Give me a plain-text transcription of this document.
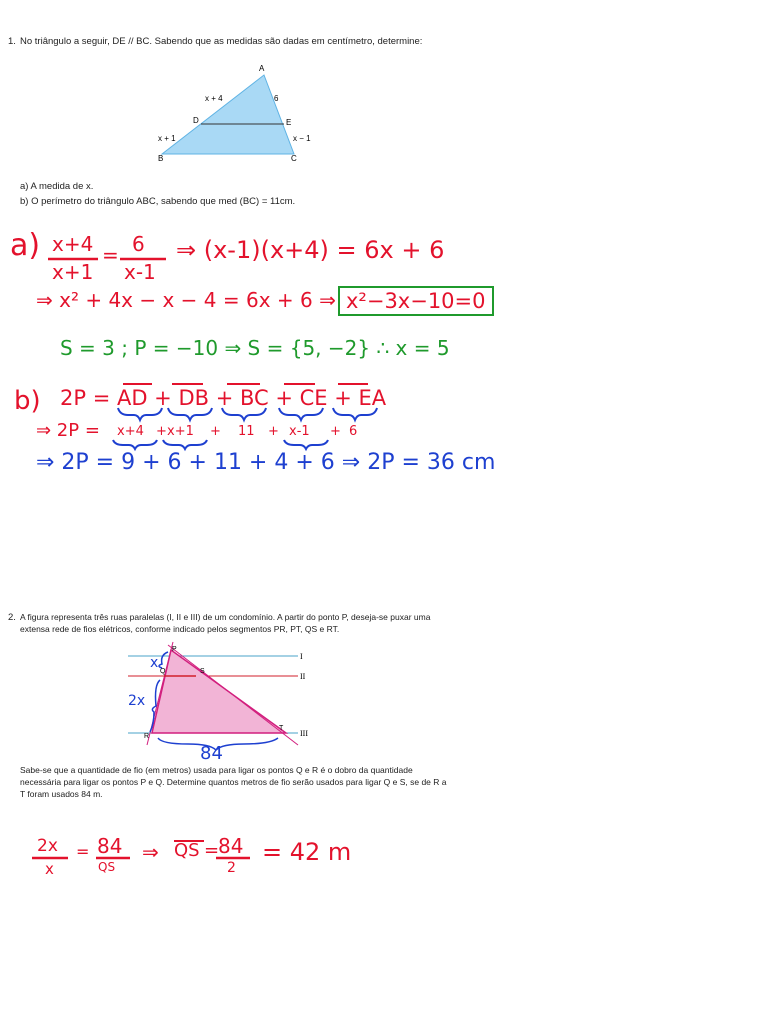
1. No triângulo a seguir, DE // BC. Sabendo que as medidas são dadas em centímetro, determine:
A
B	C
D	E
x + 4	6
x + 1	x − 1
a) A medida de x.
b) O perímetro do triângulo ABC, sabendo que med (BC) = 11cm.
a) x+4
x+1
= 6
x-1
⇒ (x-1)(x+4) = 6x + 6
⇒ x² + 4x − x − 4 = 6x + 6 ⇒ x²−3x−10=0
S = 3 ; P = −10 ⇒ S = {5, −2} ∴ x = 5
b) 2P = AD + DB + BC + CE + EA
⇒ 2P = x+4 + x+1 + 11 + x-1 + 6
⇒ 2P = 9 + 6 + 11 + 4 + 6 ⇒ 2P = 36 cm
2. A figura representa três ruas paralelas (I, II e III) de um condomínio. A partir do ponto P, deseja-se puxar uma extensa rede de fios elétricos, conforme indicado pelos segmentos PR, PT, QS e RT.
P
Q	S
T
R
I
II
III
x
2x
84
Sabe-se que a quantidade de fio (em metros) usada para ligar os pontos Q e R é o dobro da quantidade necessária para ligar os pontos P e Q. Determine quantos metros de fio serão usados para ligar Q e S, se de R a T foram usados 84 m.
2x
x
= 84
QS
⇒ QS =
84
2
= 42 m
